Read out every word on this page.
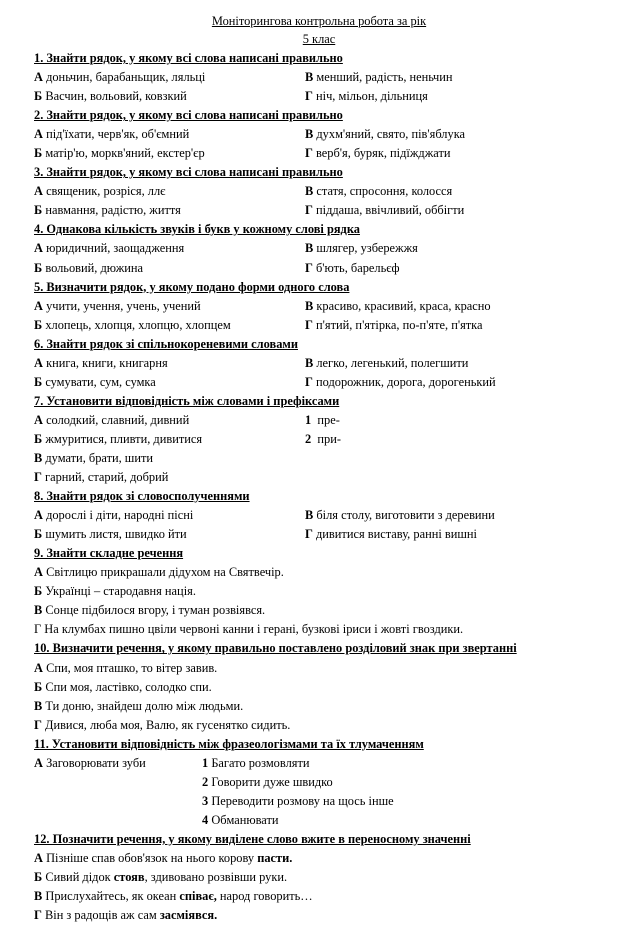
Моніторингова контрольна робота за рік
5 клас
1. Знайти рядок, у якому всі слова написані правильно
А доньчин, барабаньщик, ляльці	В менший, радість, неньчин
Б Васчин, вольовий, ковзкий	Г ніч, мільон, дільниця
2. Знайти рядок, у якому всі слова написані правильно
А під'їхати, черв'як, об'ємний	В духм'яний, свято, пів'яблука
Б матір'ю, моркв'яний, екстер'єр	Г верб'я, буряк, підїжджати
3. Знайти рядок, у якому всі слова написані правильно
А священик, розріся, ллє	В статя, спросоння, колосся
Б навмання, радістю, життя	Г піддаша, ввічливий, оббігти
4. Однакова кількість звуків і букв у кожному слові рядка
А юридичний, заощадження	В шлягер, узбережжя
Б вольовий, дюжина	Г б'ють, барельєф
5. Визначити рядок, у якому подано форми одного слова
А учити, учення, учень, учений	В красиво, красивий, краса, красно
Б хлопець, хлопця, хлопцю, хлопцем	Г п'ятий, п'ятірка, по-п'яте, п'ятка
6. Знайти рядок зі спільнокореневими словами
А книга, книги, книгарня	В легко, легенький, полегшити
Б сумувати, сум, сумка	Г подорожник, дорога, дорогенький
7. Установити відповідність між словами і префіксами
А солодкий, славний, дивний	1 пре-
Б жмуритися, пливти, дивитися	2 при-
В думати, брати, шити
Г гарний, старий, добрий
8. Знайти рядок зі словосполученнями
А дорослі і діти, народні пісні	В біля столу, виготовити з деревини
Б шумить листя, швидко йти	Г дивитися виставу, ранні вишні
9. Знайти складне речення
А Світлицю прикрашали дідухом на Святвечір.
Б Українці – стародавня нація.
В Сонце підбилося вгору, і туман розвіявся.
Г На клумбах пишно цвіли червоні канни і герані, бузкові іриси і жовті гвоздики.
10. Визначити речення, у якому правильно поставлено розділовий знак при звертанні
А Спи, моя пташко, то вітер завив.
Б Спи моя, ластівко, солодко спи.
В Ти доню, знайдеш долю між людьми.
Г Дивися, люба моя, Валю, як гусенятко сидить.
11. Установити відповідність між фразеологізмами та їх тлумаченням
А Заговорювати зуби	1 Багато розмовляти
2 Говорити дуже швидко
3 Переводити розмову на щось інше
4 Обманювати
12. Позначити речення, у якому виділене слово вжите в переносному значенні
А Пізніше спав обов'язок на нього корову пасти.
Б Сивий дідок стояв, здивовано розвівши руки.
В Прислухайтесь, як океан співає, народ говорить…
Г Він з радощів аж сам засміявся.
